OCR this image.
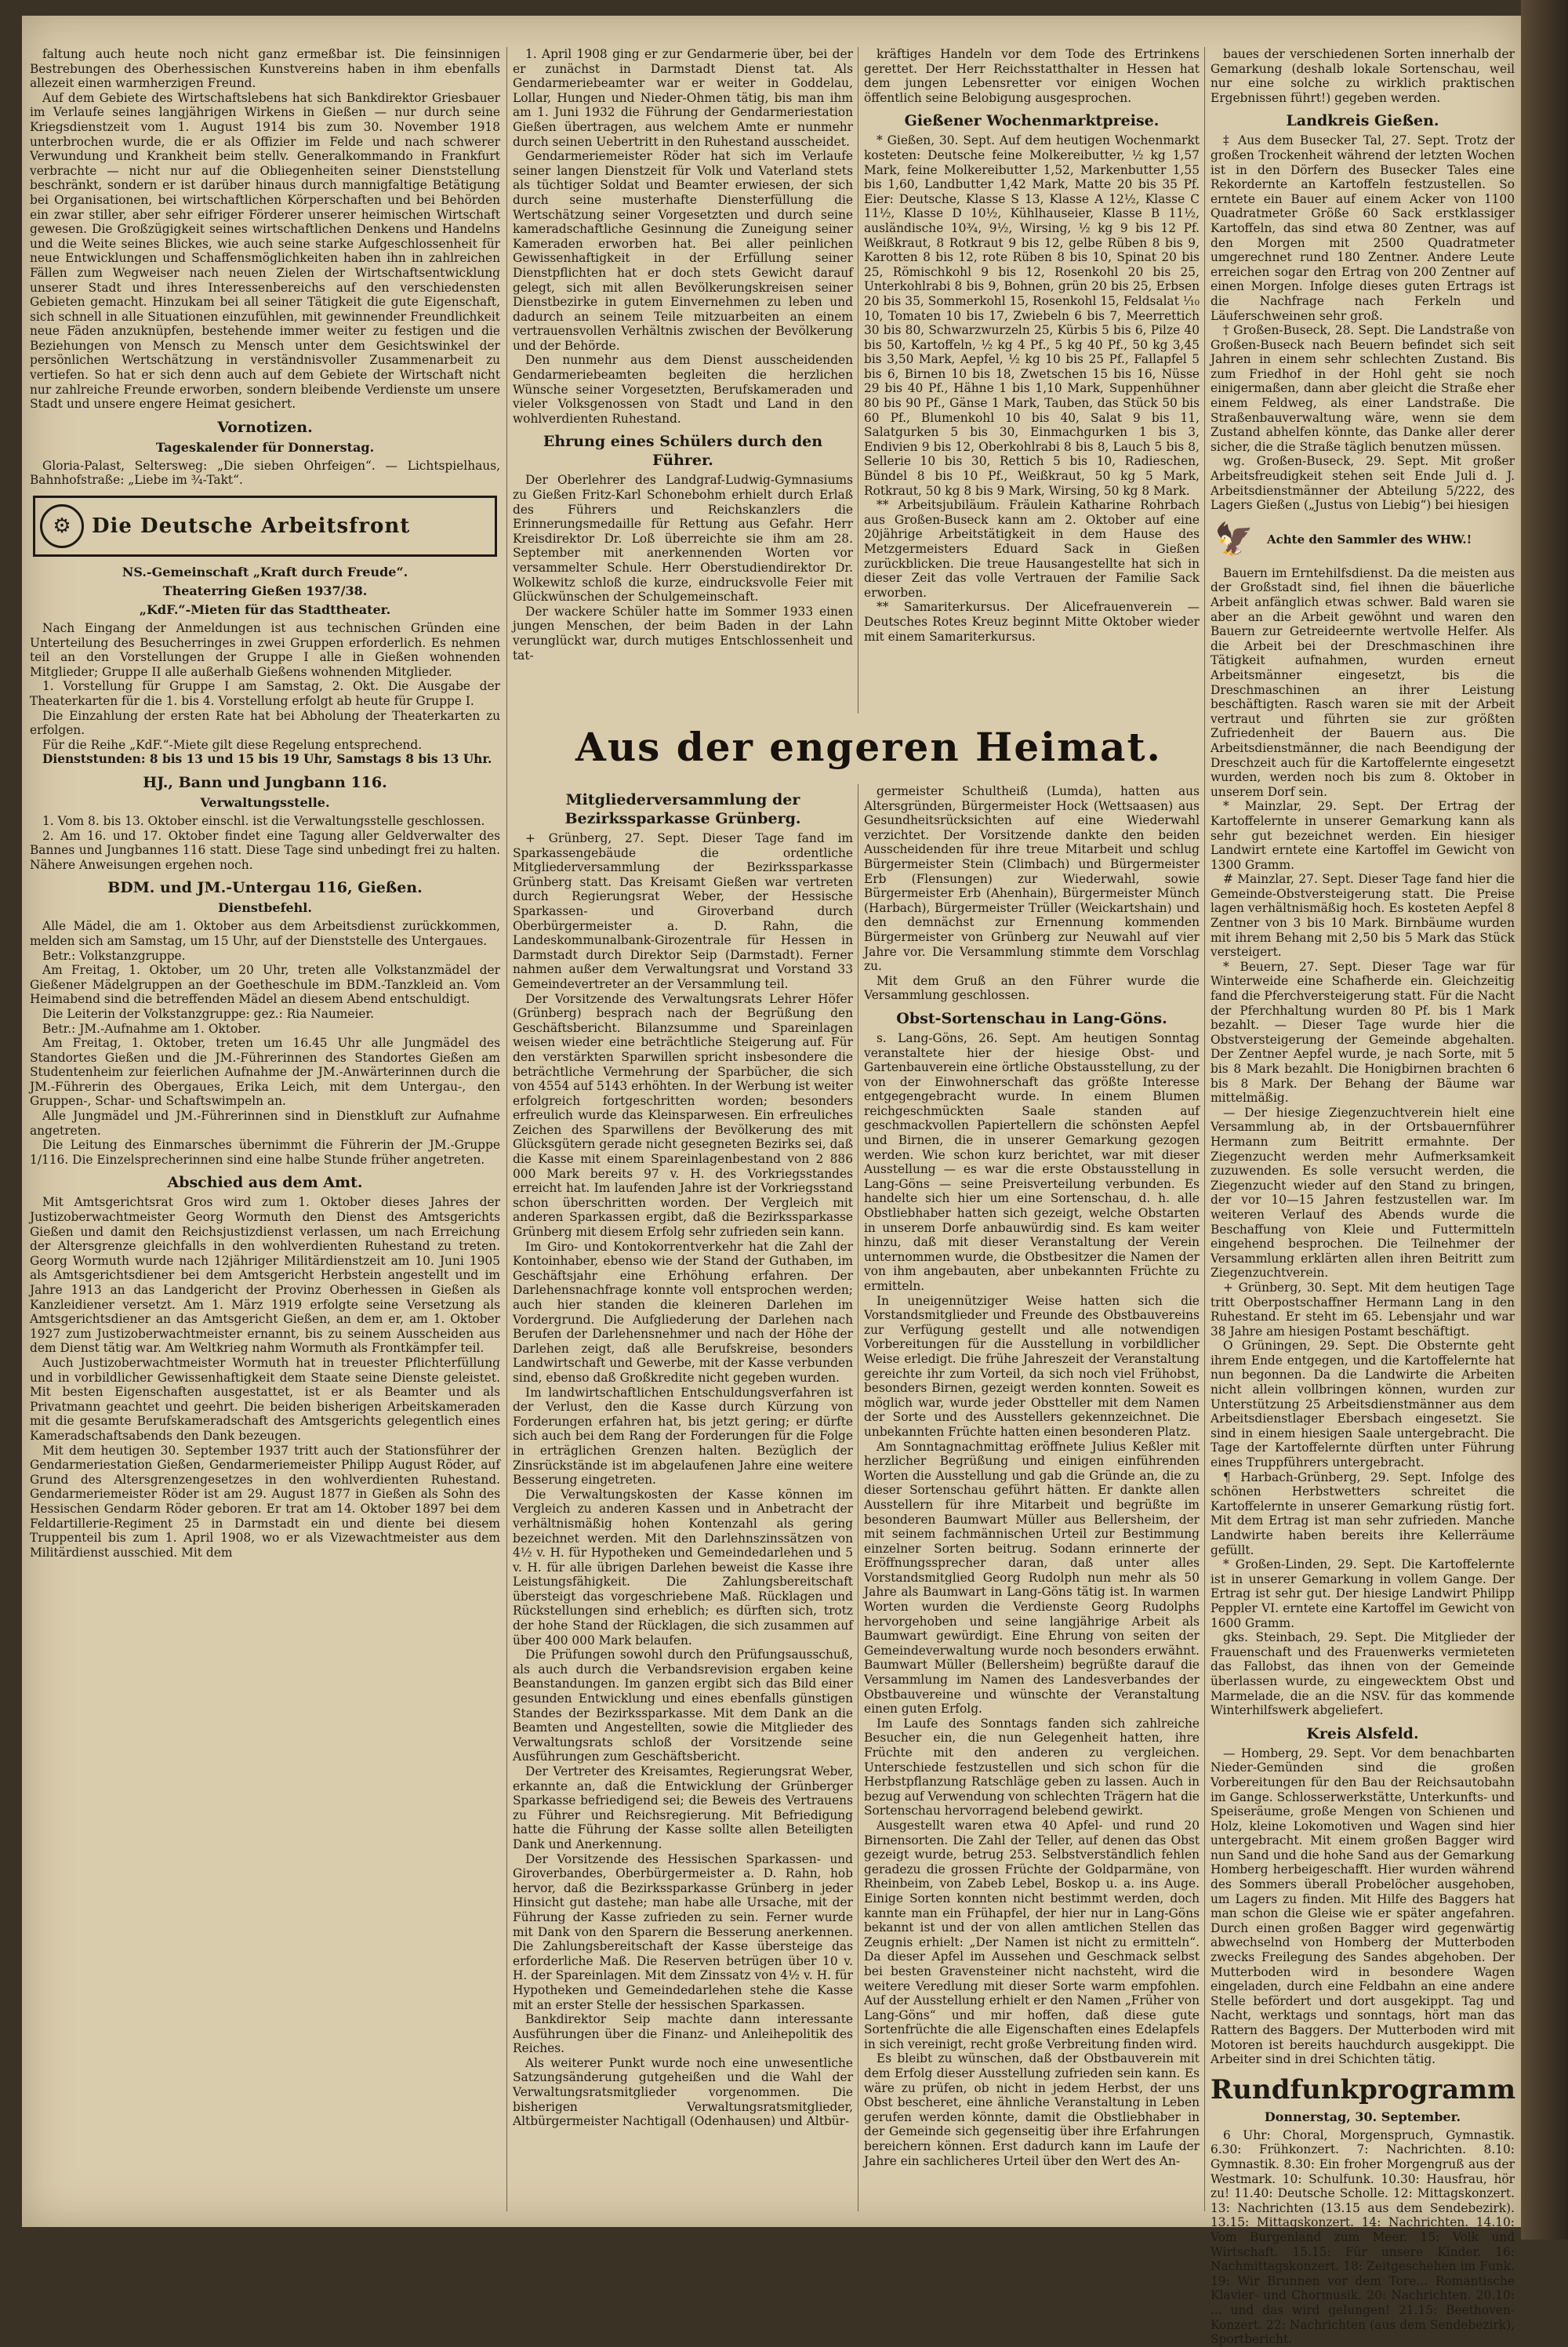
faltung auch heute noch nicht ganz ermeßbar ist. Die feinsinnigen Bestrebungen des Oberhessischen Kunstvereins haben in ihm ebenfalls allezeit einen warmherzigen Freund.

Auf dem Gebiete des Wirtschaftslebens hat sich Bankdirektor Griesbauer im Verlaufe seines langjährigen Wirkens in Gießen — nur durch seine Kriegsdienstzeit vom 1. August 1914 bis zum 30. November 1918 unterbrochen wurde, die er als Offizier im Felde und nach schwerer Verwundung und Krankheit beim stellv. Generalkommando in Frankfurt verbrachte — nicht nur auf die Obliegenheiten seiner Dienststellung beschränkt, sondern er ist darüber hinaus durch mannigfaltige Betätigung bei Organisationen, bei wirtschaftlichen Körperschaften und bei Behörden ein zwar stiller, aber sehr eifriger Förderer unserer heimischen Wirtschaft gewesen. Die Großzügigkeit seines wirtschaftlichen Denkens und Handelns und die Weite seines Blickes, wie auch seine starke Aufgeschlossenheit für neue Entwicklungen und Schaffensmöglichkeiten haben ihn in zahlreichen Fällen zum Wegweiser nach neuen Zielen der Wirtschaftsentwicklung unserer Stadt und ihres Interessenbereichs auf den verschiedensten Gebieten gemacht. Hinzukam bei all seiner Tätigkeit die gute Eigenschaft, sich schnell in alle Situationen einzufühlen, mit gewinnender Freundlichkeit neue Fäden anzuknüpfen, bestehende immer weiter zu festigen und die Beziehungen von Mensch zu Mensch unter dem Gesichtswinkel der persönlichen Wertschätzung in verständnisvoller Zusammenarbeit zu vertiefen. So hat er sich denn auch auf dem Gebiete der Wirtschaft nicht nur zahlreiche Freunde erworben, sondern bleibende Verdienste um unsere Stadt und unsere engere Heimat gesichert.

Vornotizen.
Tageskalender für Donnerstag.

Gloria-Palast, Seltersweg: „Die sieben Ohrfeigen“. — Lichtspielhaus, Bahnhofstraße: „Liebe im ¾-Takt“.

⚙	Die Deutsche Arbeitsfront
NS.-Gemeinschaft „Kraft durch Freude“.
Theaterring Gießen 1937/38.
„KdF.“-Mieten für das Stadttheater.

Nach Eingang der Anmeldungen ist aus technischen Gründen eine Unterteilung des Besucherringes in zwei Gruppen erforderlich. Es nehmen teil an den Vorstellungen der Gruppe I alle in Gießen wohnenden Mitglieder; Gruppe II alle außerhalb Gießens wohnenden Mitglieder.

1. Vorstellung für Gruppe I am Samstag, 2. Okt. Die Ausgabe der Theaterkarten für die 1. bis 4. Vorstellung erfolgt ab heute für Gruppe I.

Die Einzahlung der ersten Rate hat bei Abholung der Theaterkarten zu erfolgen.

Für die Reihe „KdF.“-Miete gilt diese Regelung entsprechend.

Dienststunden: 8 bis 13 und 15 bis 19 Uhr, Samstags 8 bis 13 Uhr.

HJ., Bann und Jungbann 116.
Verwaltungsstelle.

1. Vom 8. bis 13. Oktober einschl. ist die Verwaltungsstelle geschlossen.

2. Am 16. und 17. Oktober findet eine Tagung aller Geldverwalter des Bannes und Jungbannes 116 statt. Diese Tage sind unbedingt frei zu halten. Nähere Anweisungen ergehen noch.

BDM. und JM.-Untergau 116, Gießen.
Dienstbefehl.

Alle Mädel, die am 1. Oktober aus dem Arbeitsdienst zurückkommen, melden sich am Samstag, um 15 Uhr, auf der Dienststelle des Untergaues.

Betr.: Volkstanzgruppe.

Am Freitag, 1. Oktober, um 20 Uhr, treten alle Volkstanzmädel der Gießener Mädelgruppen an der Goetheschule im BDM.-Tanzkleid an. Vom Heimabend sind die betreffenden Mädel an diesem Abend entschuldigt.

Die Leiterin der Volkstanzgruppe: gez.: Ria Naumeier.

Betr.: JM.-Aufnahme am 1. Oktober.

Am Freitag, 1. Oktober, treten um 16.45 Uhr alle Jungmädel des Standortes Gießen und die JM.-Führerinnen des Standortes Gießen am Studentenheim zur feierlichen Aufnahme der JM.-Anwärterinnen durch die JM.-Führerin des Obergaues, Erika Leich, mit dem Untergau-, den Gruppen-, Schar- und Schaftswimpeln an.

Alle Jungmädel und JM.-Führerinnen sind in Dienstkluft zur Aufnahme angetreten.

Die Leitung des Einmarsches übernimmt die Führerin der JM.-Gruppe 1/116. Die Einzelsprecherinnen sind eine halbe Stunde früher angetreten.

Abschied aus dem Amt.

Mit Amtsgerichtsrat Gros wird zum 1. Oktober dieses Jahres der Justizoberwachtmeister Georg Wormuth den Dienst des Amtsgerichts Gießen und damit den Reichsjustizdienst verlassen, um nach Erreichung der Altersgrenze gleichfalls in den wohlverdienten Ruhestand zu treten. Georg Wormuth wurde nach 12jähriger Militärdienstzeit am 10. Juni 1905 als Amtsgerichtsdiener bei dem Amtsgericht Herbstein angestellt und im Jahre 1913 an das Landgericht der Provinz Oberhessen in Gießen als Kanzleidiener versetzt. Am 1. März 1919 erfolgte seine Versetzung als Amtsgerichtsdiener an das Amtsgericht Gießen, an dem er, am 1. Oktober 1927 zum Justizoberwachtmeister ernannt, bis zu seinem Ausscheiden aus dem Dienst tätig war. Am Weltkrieg nahm Wormuth als Frontkämpfer teil.

Auch Justizoberwachtmeister Wormuth hat in treuester Pflichterfüllung und in vorbildlicher Gewissenhaftigkeit dem Staate seine Dienste geleistet. Mit besten Eigenschaften ausgestattet, ist er als Beamter und als Privatmann geachtet und geehrt. Die beiden bisherigen Arbeitskameraden mit die gesamte Berufskameradschaft des Amtsgerichts gelegentlich eines Kameradschaftsabends den Dank bezeugen.

Mit dem heutigen 30. September 1937 tritt auch der Stationsführer der Gendarmeriestation Gießen, Gendarmeriemeister Philipp August Röder, auf Grund des Altersgrenzengesetzes in den wohlverdienten Ruhestand. Gendarmeriemeister Röder ist am 29. August 1877 in Gießen als Sohn des Hessischen Gendarm Röder geboren. Er trat am 14. Oktober 1897 bei dem Feldartillerie-Regiment 25 in Darmstadt ein und diente bei diesem Truppenteil bis zum 1. April 1908, wo er als Vizewachtmeister aus dem Militärdienst ausschied. Mit dem

1. April 1908 ging er zur Gendarmerie über, bei der er zunächst in Darmstadt Dienst tat. Als Gendarmeriebeamter war er weiter in Goddelau, Lollar, Hungen und Nieder-Ohmen tätig, bis man ihm am 1. Juni 1932 die Führung der Gendarmeriestation Gießen übertragen, aus welchem Amte er nunmehr durch seinen Uebertritt in den Ruhestand ausscheidet.

Gendarmeriemeister Röder hat sich im Verlaufe seiner langen Dienstzeit für Volk und Vaterland stets als tüchtiger Soldat und Beamter erwiesen, der sich durch seine musterhafte Diensterfüllung die Wertschätzung seiner Vorgesetzten und durch seine kameradschaftliche Gesinnung die Zuneigung seiner Kameraden erworben hat. Bei aller peinlichen Gewissenhaftigkeit in der Erfüllung seiner Dienstpflichten hat er doch stets Gewicht darauf gelegt, sich mit allen Bevölkerungskreisen seiner Dienstbezirke in gutem Einvernehmen zu leben und dadurch an seinem Teile mitzuarbeiten an einem vertrauensvollen Verhältnis zwischen der Bevölkerung und der Behörde.

Den nunmehr aus dem Dienst ausscheidenden Gendarmeriebeamten begleiten die herzlichen Wünsche seiner Vorgesetzten, Berufskameraden und vieler Volksgenossen von Stadt und Land in den wohlverdienten Ruhestand.

Ehrung eines Schülers durch den Führer.

Der Oberlehrer des Landgraf-Ludwig-Gymnasiums zu Gießen Fritz-Karl Schonebohm erhielt durch Erlaß des Führers und Reichskanzlers die Erinnerungsmedaille für Rettung aus Gefahr. Herr Kreisdirektor Dr. Loß überreichte sie ihm am 28. September mit anerkennenden Worten vor versammelter Schule. Herr Oberstudiendirektor Dr. Wolkewitz schloß die kurze, eindrucksvolle Feier mit Glückwünschen der Schulgemeinschaft.

Der wackere Schüler hatte im Sommer 1933 einen jungen Menschen, der beim Baden in der Lahn verunglückt war, durch mutiges Entschlossenheit und tat-

kräftiges Handeln vor dem Tode des Ertrinkens gerettet. Der Herr Reichsstatthalter in Hessen hat dem jungen Lebensretter vor einigen Wochen öffentlich seine Belobigung ausgesprochen.

Gießener Wochenmarktpreise.

* Gießen, 30. Sept. Auf dem heutigen Wochenmarkt kosteten: Deutsche feine Molkereibutter, ½ kg 1,57 Mark, feine Molkereibutter 1,52, Markenbutter 1,55 bis 1,60, Landbutter 1,42 Mark, Matte 20 bis 35 Pf. Eier: Deutsche, Klasse S 13, Klasse A 12½, Klasse C 11½, Klasse D 10½, Kühlhauseier, Klasse B 11½, ausländische 10¾, 9½, Wirsing, ½ kg 9 bis 12 Pf. Weißkraut, 8 Rotkraut 9 bis 12, gelbe Rüben 8 bis 9, Karotten 8 bis 12, rote Rüben 8 bis 10, Spinat 20 bis 25, Römischkohl 9 bis 12, Rosenkohl 20 bis 25, Unterkohlrabi 8 bis 9, Bohnen, grün 20 bis 25, Erbsen 20 bis 35, Sommerkohl 15, Rosenkohl 15, Feldsalat ⅒ 10, Tomaten 10 bis 17, Zwiebeln 6 bis 7, Meerrettich 30 bis 80, Schwarzwurzeln 25, Kürbis 5 bis 6, Pilze 40 bis 50, Kartoffeln, ½ kg 4 Pf., 5 kg 40 Pf., 50 kg 3,45 bis 3,50 Mark, Aepfel, ½ kg 10 bis 25 Pf., Fallapfel 5 bis 6, Birnen 10 bis 18, Zwetschen 15 bis 16, Nüsse 29 bis 40 Pf., Hähne 1 bis 1,10 Mark, Suppenhühner 80 bis 90 Pf., Gänse 1 Mark, Tauben, das Stück 50 bis 60 Pf., Blumenkohl 10 bis 40, Salat 9 bis 11, Salatgurken 5 bis 30, Einmachgurken 1 bis 3, Endivien 9 bis 12, Oberkohlrabi 8 bis 8, Lauch 5 bis 8, Sellerie 10 bis 30, Rettich 5 bis 10, Radieschen, Bündel 8 bis 10 Pf., Weißkraut, 50 kg 5 Mark, Rotkraut, 50 kg 8 bis 9 Mark, Wirsing, 50 kg 8 Mark.

** Arbeitsjubiläum. Fräulein Katharine Rohrbach aus Großen-Buseck kann am 2. Oktober auf eine 20jährige Arbeitstätigkeit in dem Hause des Metzgermeisters Eduard Sack in Gießen zurückblicken. Die treue Hausangestellte hat sich in dieser Zeit das volle Vertrauen der Familie Sack erworben.

** Samariterkursus. Der Alicefrauenverein — Deutsches Rotes Kreuz beginnt Mitte Oktober wieder mit einem Samariterkursus.

Aus der engeren Heimat.
Mitgliederversammlung der Bezirkssparkasse Grünberg.

+ Grünberg, 27. Sept. Dieser Tage fand im Sparkassengebäude die ordentliche Mitgliederversammlung der Bezirkssparkasse Grünberg statt. Das Kreisamt Gießen war vertreten durch Regierungsrat Weber, der Hessische Sparkassen- und Giroverband durch Oberbürgermeister a. D. Rahn, die Landeskommunalbank-Girozentrale für Hessen in Darmstadt durch Direktor Seip (Darmstadt). Ferner nahmen außer dem Verwaltungsrat und Vorstand 33 Gemeindevertreter an der Versammlung teil.

Der Vorsitzende des Verwaltungsrats Lehrer Höfer (Grünberg) besprach nach der Begrüßung den Geschäftsbericht. Bilanzsumme und Spareinlagen weisen wieder eine beträchtliche Steigerung auf. Für den verstärkten Sparwillen spricht insbesondere die beträchtliche Vermehrung der Sparbücher, die sich von 4554 auf 5143 erhöhten. In der Werbung ist weiter erfolgreich fortgeschritten worden; besonders erfreulich wurde das Kleinsparwesen. Ein erfreuliches Zeichen des Sparwillens der Bevölkerung des mit Glücksgütern gerade nicht gesegneten Bezirks sei, daß die Kasse mit einem Spareinlagenbestand von 2 886 000 Mark bereits 97 v. H. des Vorkriegsstandes erreicht hat. Im laufenden Jahre ist der Vorkriegsstand schon überschritten worden. Der Vergleich mit anderen Sparkassen ergibt, daß die Bezirkssparkasse Grünberg mit diesem Erfolg sehr zufrieden sein kann.

Im Giro- und Kontokorrentverkehr hat die Zahl der Kontoinhaber, ebenso wie der Stand der Guthaben, im Geschäftsjahr eine Erhöhung erfahren. Der Darlehensnachfrage konnte voll entsprochen werden; auch hier standen die kleineren Darlehen im Vordergrund. Die Aufgliederung der Darlehen nach Berufen der Darlehensnehmer und nach der Höhe der Darlehen zeigt, daß alle Berufskreise, besonders Landwirtschaft und Gewerbe, mit der Kasse verbunden sind, ebenso daß Großkredite nicht gegeben wurden.

Im landwirtschaftlichen Entschuldungsverfahren ist der Verlust, den die Kasse durch Kürzung von Forderungen erfahren hat, bis jetzt gering; er dürfte sich auch bei dem Rang der Forderungen für die Folge in erträglichen Grenzen halten. Bezüglich der Zinsrückstände ist im abgelaufenen Jahre eine weitere Besserung eingetreten.

Die Verwaltungskosten der Kasse können im Vergleich zu anderen Kassen und in Anbetracht der verhältnismäßig hohen Kontenzahl als gering bezeichnet werden. Mit den Darlehnszinssätzen von 4½ v. H. für Hypotheken und Gemeindedarlehen und 5 v. H. für alle übrigen Darlehen beweist die Kasse ihre Leistungsfähigkeit. Die Zahlungsbereitschaft übersteigt das vorgeschriebene Maß. Rücklagen und Rückstellungen sind erheblich; es dürften sich, trotz der hohe Stand der Rücklagen, die sich zusammen auf über 400 000 Mark belaufen.

Die Prüfungen sowohl durch den Prüfungsausschuß, als auch durch die Verbandsrevision ergaben keine Beanstandungen. Im ganzen ergibt sich das Bild einer gesunden Entwicklung und eines ebenfalls günstigen Standes der Bezirkssparkasse. Mit dem Dank an die Beamten und Angestellten, sowie die Mitglieder des Verwaltungsrats schloß der Vorsitzende seine Ausführungen zum Geschäftsbericht.

Der Vertreter des Kreisamtes, Regierungsrat Weber, erkannte an, daß die Entwicklung der Grünberger Sparkasse befriedigend sei; die Beweis des Vertrauens zu Führer und Reichsregierung. Mit Befriedigung hatte die Führung der Kasse sollte allen Beteiligten Dank und Anerkennung.

Der Vorsitzende des Hessischen Sparkassen- und Giroverbandes, Oberbürgermeister a. D. Rahn, hob hervor, daß die Bezirkssparkasse Grünberg in jeder Hinsicht gut dastehe; man habe alle Ursache, mit der Führung der Kasse zufrieden zu sein. Ferner wurde mit Dank von den Sparern die Besserung anerkennen. Die Zahlungsbereitschaft der Kasse übersteige das erforderliche Maß. Die Reserven betrügen über 10 v. H. der Spareinlagen. Mit dem Zinssatz von 4½ v. H. für Hypotheken und Gemeindedarlehen stehe die Kasse mit an erster Stelle der hessischen Sparkassen.

Bankdirektor Seip machte dann interessante Ausführungen über die Finanz- und Anleihepolitik des Reiches.

Als weiterer Punkt wurde noch eine unwesentliche Satzungsänderung gutgeheißen und die Wahl der Verwaltungsratsmitglieder vorgenommen. Die bisherigen Verwaltungsratsmitglieder, Altbürgermeister Nachtigall (Odenhausen) und Altbür-

germeister Schultheiß (Lumda), hatten aus Altersgründen, Bürgermeister Hock (Wettsaasen) aus Gesundheitsrücksichten auf eine Wiederwahl verzichtet. Der Vorsitzende dankte den beiden Ausscheidenden für ihre treue Mitarbeit und schlug Bürgermeister Stein (Climbach) und Bürgermeister Erb (Flensungen) zur Wiederwahl, sowie Bürgermeister Erb (Ahenhain), Bürgermeister Münch (Harbach), Bürgermeister Trüller (Weickartshain) und den demnächst zur Ernennung kommenden Bürgermeister von Grünberg zur Neuwahl auf vier Jahre vor. Die Versammlung stimmte dem Vorschlag zu.

Mit dem Gruß an den Führer wurde die Versammlung geschlossen.

Obst-Sortenschau in Lang-Göns.

s. Lang-Göns, 26. Sept. Am heutigen Sonntag veranstaltete hier der hiesige Obst- und Gartenbauverein eine örtliche Obstausstellung, zu der von der Einwohnerschaft das größte Interesse entgegengebracht wurde. In einem Blumen reichgeschmückten Saale standen auf geschmackvollen Papiertellern die schönsten Aepfel und Birnen, die in unserer Gemarkung gezogen werden. Wie schon kurz berichtet, war mit dieser Ausstellung — es war die erste Obstausstellung in Lang-Göns — seine Preisverteilung verbunden. Es handelte sich hier um eine Sortenschau, d. h. alle Obstliebhaber hatten sich gezeigt, welche Obstarten in unserem Dorfe anbauwürdig sind. Es kam weiter hinzu, daß mit dieser Veranstaltung der Verein unternommen wurde, die Obstbesitzer die Namen der von ihm angebauten, aber unbekannten Früchte zu ermitteln.

In uneigennütziger Weise hatten sich die Vorstandsmitglieder und Freunde des Obstbauvereins zur Verfügung gestellt und alle notwendigen Vorbereitungen für die Ausstellung in vorbildlicher Weise erledigt. Die frühe Jahreszeit der Veranstaltung gereichte ihr zum Vorteil, da sich noch viel Frühobst, besonders Birnen, gezeigt werden konnten. Soweit es möglich war, wurde jeder Obstteller mit dem Namen der Sorte und des Ausstellers gekennzeichnet. Die unbekannten Früchte hatten einen besonderen Platz.

Am Sonntagnachmittag eröffnete Julius Keßler mit herzlicher Begrüßung und einigen einführenden Worten die Ausstellung und gab die Gründe an, die zu dieser Sortenschau geführt hätten. Er dankte allen Ausstellern für ihre Mitarbeit und begrüßte im besonderen Baumwart Müller aus Bellersheim, der mit seinem fachmännischen Urteil zur Bestimmung einzelner Sorten beitrug. Sodann erinnerte der Eröffnungssprecher daran, daß unter alles Vorstandsmitglied Georg Rudolph nun mehr als 50 Jahre als Baumwart in Lang-Göns tätig ist. In warmen Worten wurden die Verdienste Georg Rudolphs hervorgehoben und seine langjährige Arbeit als Baumwart gewürdigt. Eine Ehrung von seiten der Gemeindeverwaltung wurde noch besonders erwähnt. Baumwart Müller (Bellersheim) begrüßte darauf die Versammlung im Namen des Landesverbandes der Obstbauvereine und wünschte der Veranstaltung einen guten Erfolg.

Im Laufe des Sonntags fanden sich zahlreiche Besucher ein, die nun Gelegenheit hatten, ihre Früchte mit den anderen zu vergleichen. Unterschiede festzustellen und sich schon für die Herbstpflanzung Ratschläge geben zu lassen. Auch in bezug auf Verwendung von schlechten Trägern hat die Sortenschau hervorragend belebend gewirkt.

Ausgestellt waren etwa 40 Apfel- und rund 20 Birnensorten. Die Zahl der Teller, auf denen das Obst gezeigt wurde, betrug 253. Selbstverständlich fehlen geradezu die grossen Früchte der Goldparmäne, von Rheinbeim, von Zabeb Lebel, Boskop u. a. ins Auge. Einige Sorten konnten nicht bestimmt werden, doch kannte man ein Frühapfel, der hier nur in Lang-Göns bekannt ist und der von allen amtlichen Stellen das Zeugnis erhielt: „Der Namen ist nicht zu ermitteln“. Da dieser Apfel im Aussehen und Geschmack selbst bei besten Gravensteiner nicht nachsteht, wird die weitere Veredlung mit dieser Sorte warm empfohlen. Auf der Ausstellung erhielt er den Namen „Früher von Lang-Göns“ und mir hoffen, daß diese gute Sortenfrüchte die alle Eigenschaften eines Edelapfels in sich vereinigt, recht große Verbreitung finden wird.

Es bleibt zu wünschen, daß der Obstbauverein mit dem Erfolg dieser Ausstellung zufrieden sein kann. Es wäre zu prüfen, ob nicht in jedem Herbst, der uns Obst bescheret, eine ähnliche Veranstaltung in Leben gerufen werden könnte, damit die Obstliebhaber in der Gemeinde sich gegenseitig über ihre Erfahrungen bereichern können. Erst dadurch kann im Laufe der Jahre ein sachlicheres Urteil über den Wert des An-

baues der verschiedenen Sorten innerhalb der Gemarkung (deshalb lokale Sortenschau, weil nur eine solche zu wirklich praktischen Ergebnissen führt!) gegeben werden.

Landkreis Gießen.

‡ Aus dem Busecker Tal, 27. Sept. Trotz der großen Trockenheit während der letzten Wochen ist in den Dörfern des Busecker Tales eine Rekordernte an Kartoffeln festzustellen. So erntete ein Bauer auf einem Acker von 1100 Quadratmeter Größe 60 Sack erstklassiger Kartoffeln, das sind etwa 80 Zentner, was auf den Morgen mit 2500 Quadratmeter umgerechnet rund 180 Zentner. Andere Leute erreichen sogar den Ertrag von 200 Zentner auf einen Morgen. Infolge dieses guten Ertrags ist die Nachfrage nach Ferkeln und Läuferschweinen sehr groß.

† Großen-Buseck, 28. Sept. Die Landstraße von Großen-Buseck nach Beuern befindet sich seit Jahren in einem sehr schlechten Zustand. Bis zum Friedhof in der Hohl geht sie noch einigermaßen, dann aber gleicht die Straße eher einem Feldweg, als einer Landstraße. Die Straßenbauverwaltung wäre, wenn sie dem Zustand abhelfen könnte, das Danke aller derer sicher, die die Straße täglich benutzen müssen.

wg. Großen-Buseck, 29. Sept. Mit großer Arbeitsfreudigkeit stehen seit Ende Juli d. J. Arbeitsdienstmänner der Abteilung 5/222, des Lagers Gießen („Justus von Liebig“) bei hiesigen

🦅	Achte den Sammler des WHW.!

Bauern im Erntehilfsdienst. Da die meisten aus der Großstadt sind, fiel ihnen die bäuerliche Arbeit anfänglich etwas schwer. Bald waren sie aber an die Arbeit gewöhnt und waren den Bauern zur Getreideernte wertvolle Helfer. Als die Arbeit bei der Dreschmaschinen ihre Tätigkeit aufnahmen, wurden erneut Arbeitsmänner eingesetzt, bis die Dreschmaschinen an ihrer Leistung beschäftigten. Rasch waren sie mit der Arbeit vertraut und führten sie zur größten Zufriedenheit der Bauern aus. Die Arbeitsdienstmänner, die nach Beendigung der Dreschzeit auch für die Kartoffelernte eingesetzt wurden, werden noch bis zum 8. Oktober in unserem Dorf sein.

* Mainzlar, 29. Sept. Der Ertrag der Kartoffelernte in unserer Gemarkung kann als sehr gut bezeichnet werden. Ein hiesiger Landwirt erntete eine Kartoffel im Gewicht von 1300 Gramm.

# Mainzlar, 27. Sept. Dieser Tage fand hier die Gemeinde-Obstversteigerung statt. Die Preise lagen verhältnismäßig hoch. Es kosteten Aepfel 8 Zentner von 3 bis 10 Mark. Birnbäume wurden mit ihrem Behang mit 2,50 bis 5 Mark das Stück versteigert.

* Beuern, 27. Sept. Dieser Tage war für Winterweide eine Schafherde ein. Gleichzeitig fand die Pferchversteigerung statt. Für die Nacht der Pferchhaltung wurden 80 Pf. bis 1 Mark bezahlt. — Dieser Tage wurde hier die Obstversteigerung der Gemeinde abgehalten. Der Zentner Aepfel wurde, je nach Sorte, mit 5 bis 8 Mark bezahlt. Die Honigbirnen brachten 6 bis 8 Mark. Der Behang der Bäume war mittelmäßig.

— Der hiesige Ziegenzuchtverein hielt eine Versammlung ab, in der Ortsbauernführer Hermann zum Beitritt ermahnte. Der Ziegenzucht werden mehr Aufmerksamkeit zuzuwenden. Es solle versucht werden, die Ziegenzucht wieder auf den Stand zu bringen, der vor 10—15 Jahren festzustellen war. Im weiteren Verlauf des Abends wurde die Beschaffung von Kleie und Futtermitteln eingehend besprochen. Die Teilnehmer der Versammlung erklärten allen ihren Beitritt zum Ziegenzuchtverein.

+ Grünberg, 30. Sept. Mit dem heutigen Tage tritt Oberpostschaffner Hermann Lang in den Ruhestand. Er steht im 65. Lebensjahr und war 38 Jahre am hiesigen Postamt beschäftigt.

O Grüningen, 29. Sept. Die Obsternte geht ihrem Ende entgegen, und die Kartoffelernte hat nun begonnen. Da die Landwirte die Arbeiten nicht allein vollbringen können, wurden zur Unterstützung 25 Arbeitsdienstmänner aus dem Arbeitsdienstlager Ebersbach eingesetzt. Sie sind in einem hiesigen Saale untergebracht. Die Tage der Kartoffelernte dürften unter Führung eines Truppführers untergebracht.

¶ Harbach-Grünberg, 29. Sept. Infolge des schönen Herbstwetters schreitet die Kartoffelernte in unserer Gemarkung rüstig fort. Mit dem Ertrag ist man sehr zufrieden. Manche Landwirte haben bereits ihre Kellerräume gefüllt.

* Großen-Linden, 29. Sept. Die Kartoffelernte ist in unserer Gemarkung in vollem Gange. Der Ertrag ist sehr gut. Der hiesige Landwirt Philipp Peppler VI. erntete eine Kartoffel im Gewicht von 1600 Gramm.

gks. Steinbach, 29. Sept. Die Mitglieder der Frauenschaft und des Frauenwerks vermieteten das Fallobst, das ihnen von der Gemeinde überlassen wurde, zu eingewecktem Obst und Marmelade, die an die NSV. für das kommende Winterhilfswerk abgeliefert.

Kreis Alsfeld.

— Homberg, 29. Sept. Vor dem benachbarten Nieder-Gemünden sind die großen Vorbereitungen für den Bau der Reichsautobahn im Gange. Schlosserwerkstätte, Unterkunfts- und Speiseräume, große Mengen von Schienen und Holz, kleine Lokomotiven und Wagen sind hier untergebracht. Mit einem großen Bagger wird nun Sand und die hohe Sand aus der Gemarkung Homberg herbeigeschafft. Hier wurden während des Sommers überall Probelöcher ausgehoben, um Lagers zu finden. Mit Hilfe des Baggers hat man schon die Gleise wie er später angefahren. Durch einen großen Bagger wird gegenwärtig abwechselnd von Homberg der Mutterboden zwecks Freilegung des Sandes abgehoben. Der Mutterboden wird in besondere Wagen eingeladen, durch eine Feldbahn an eine andere Stelle befördert und dort ausgekippt. Tag und Nacht, werktags und sonntags, hört man das Rattern des Baggers. Der Mutterboden wird mit Motoren ist bereits hauchdurch ausgekippt. Die Arbeiter sind in drei Schichten tätig.

Rundfunkprogramm
Donnerstag, 30. September.

6 Uhr: Choral, Morgenspruch, Gymnastik. 6.30: Frühkonzert. 7: Nachrichten. 8.10: Gymnastik. 8.30: Ein froher Morgengruß aus der Westmark. 10: Schulfunk. 10.30: Hausfrau, hör zu! 11.40: Deutsche Scholle. 12: Mittagskonzert. 13: Nachrichten (13.15 aus dem Sendebezirk). 13.15: Mittagskonzert. 14: Nachrichten. 14.10: Vom Burgenland zum Meer. 15: Volk und Wirtschaft. 15.15: Für unsere Kinder. 16: Nachmittagskonzert. 18: Zeitgeschehen im Funk. 19: Wir Brunnen vor dem Tore... Romantische Klavier- und Chormusik. 20: Nachrichten. 20.10: ... und das wird gelungen! 21.15: Beethoven-Konzert. 22: Nachrichten (aus dem Sendebezirk), Sportbericht.
